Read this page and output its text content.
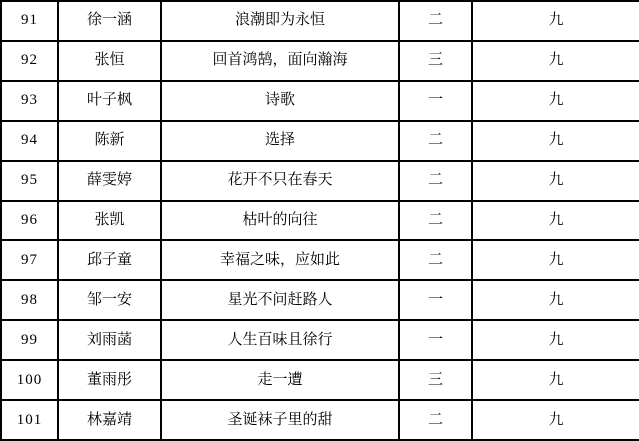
91	徐一涵	浪潮即为永恒	二	九
92	张恒	回首鸿鹄，面向瀚海	三	九
93	叶子枫	诗歌	一	九
94	陈新	选择	二	九
95	薛雯婷	花开不只在春天	二	九
96	张凯	枯叶的向往	二	九
97	邱子童	幸福之味，应如此	二	九
98	邹一安	星光不问赶路人	一	九
99	刘雨菡	人生百味且徐行	一	九
100	董雨彤	走一遭	三	九
101	林嘉靖	圣诞袜子里的甜	二	九
